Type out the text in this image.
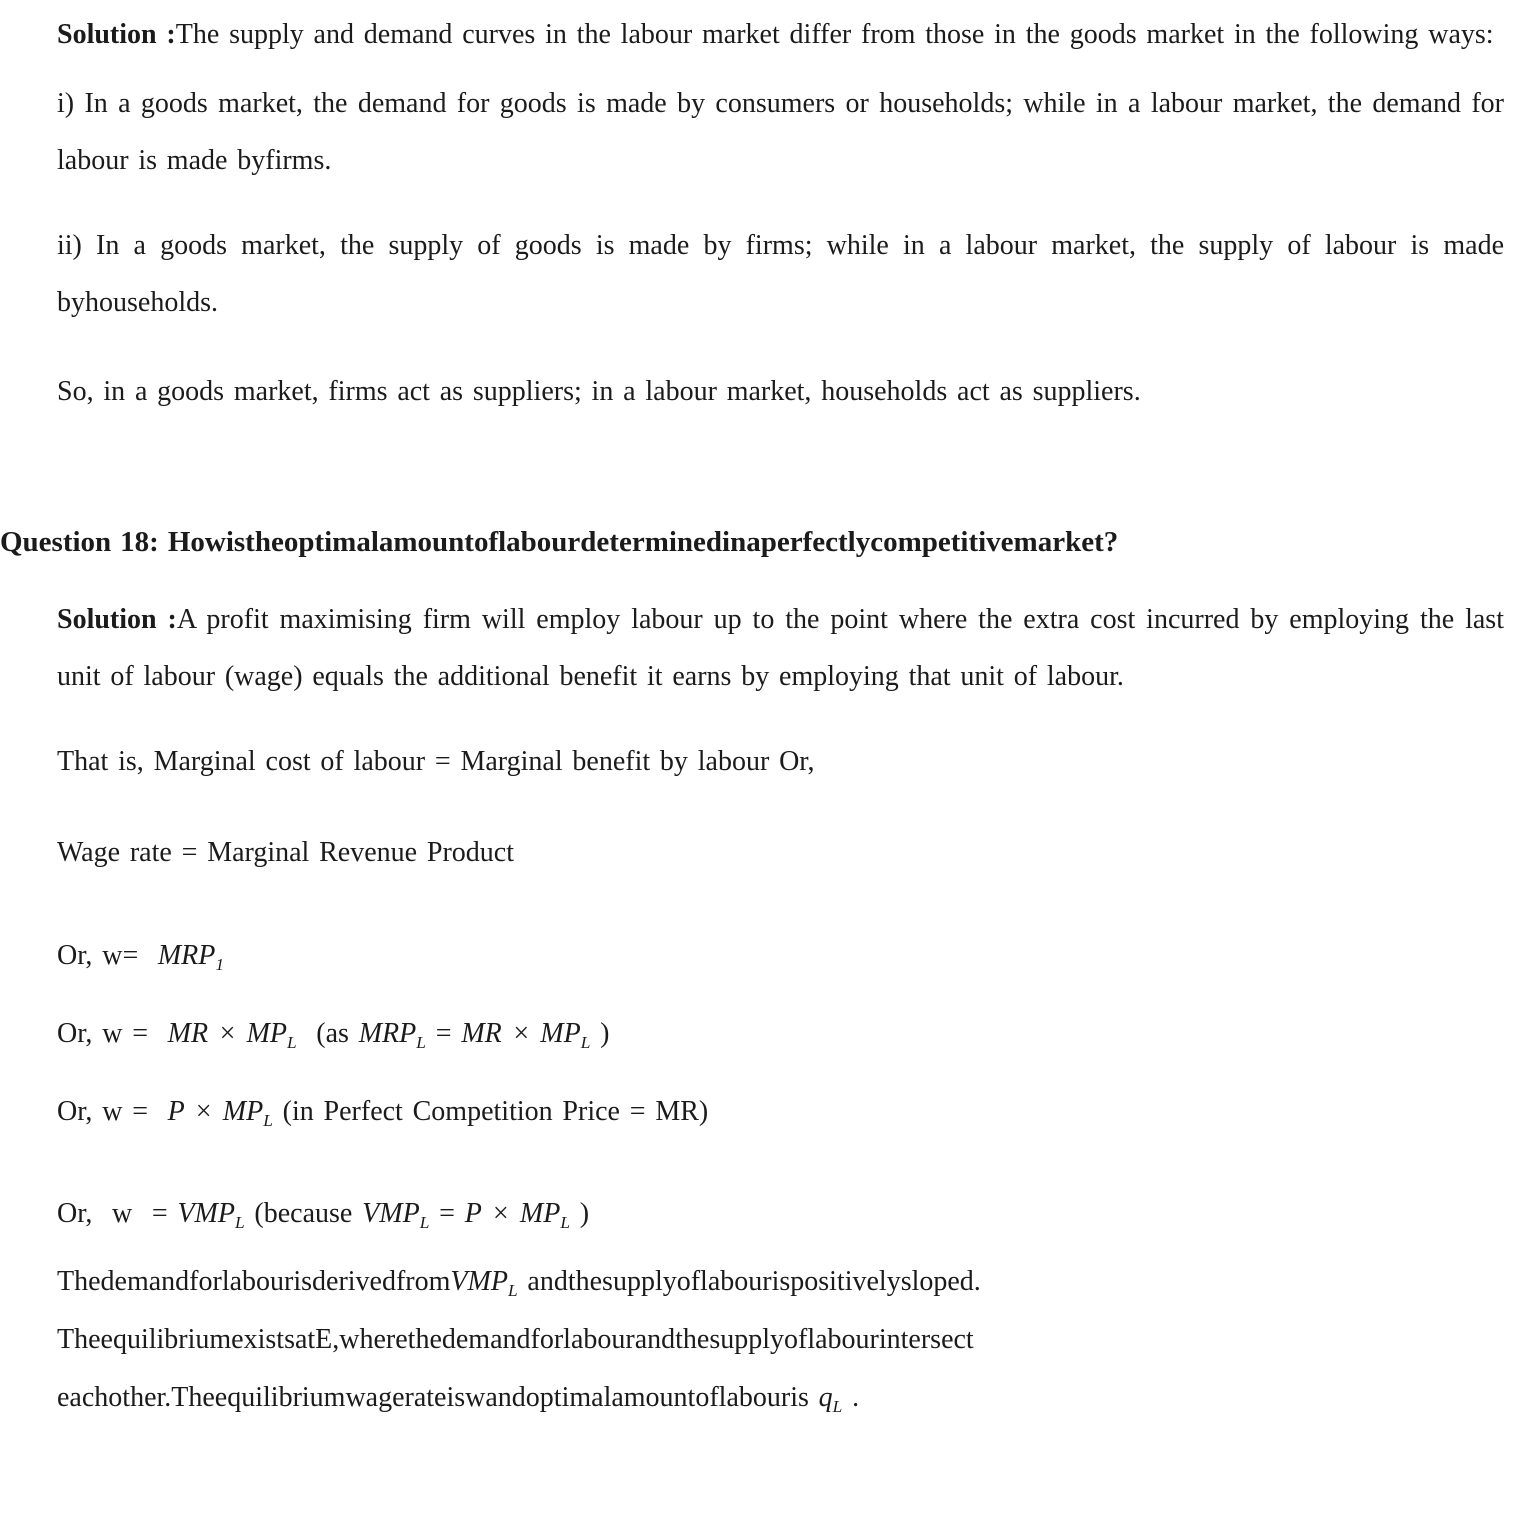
Solution :The supply and demand curves in the labour market differ from those in the goods market in the following ways:

i) In a goods market, the demand for goods is made by consumers or households; while in a labour market, the demand for labour is made byfirms.

ii) In a goods market, the supply of goods is made by firms; while in a labour market, the supply of labour is made byhouseholds.

So, in a goods market, firms act as suppliers; in a labour market, households act as suppliers.

Question 18: Howistheoptimalamountoflabourdeterminedinaperfectlycompetitivemarket?

Solution :A profit maximising firm will employ labour up to the point where the extra cost incurred by employing the last unit of labour (wage) equals the additional benefit it earns by employing that unit of labour.

That is, Marginal cost of labour = Marginal benefit by labour Or,

Wage rate = Marginal Revenue Product

Or, $w= MRP_1$

Or, w =  MR × $MP_L$  (as $MRP_L$ = MR × $MP_L$ )

Or, $w = P \times MP_L$ (in Perfect Competition Price = MR)

Or,  $w = VMP_L$ (because $VMP_L = P \times MP_L$ )

ThedemandforlabourisderivedfromVMP$_L$ andthesupplyoflabourispositivelysloped.

TheequilibriumexistsatE,wherethedemandforlabourandthesupplyoflabourintersect

eachother.Theequilibriumwagerateiswandoptimalamountoflabouris $q_L$ .
